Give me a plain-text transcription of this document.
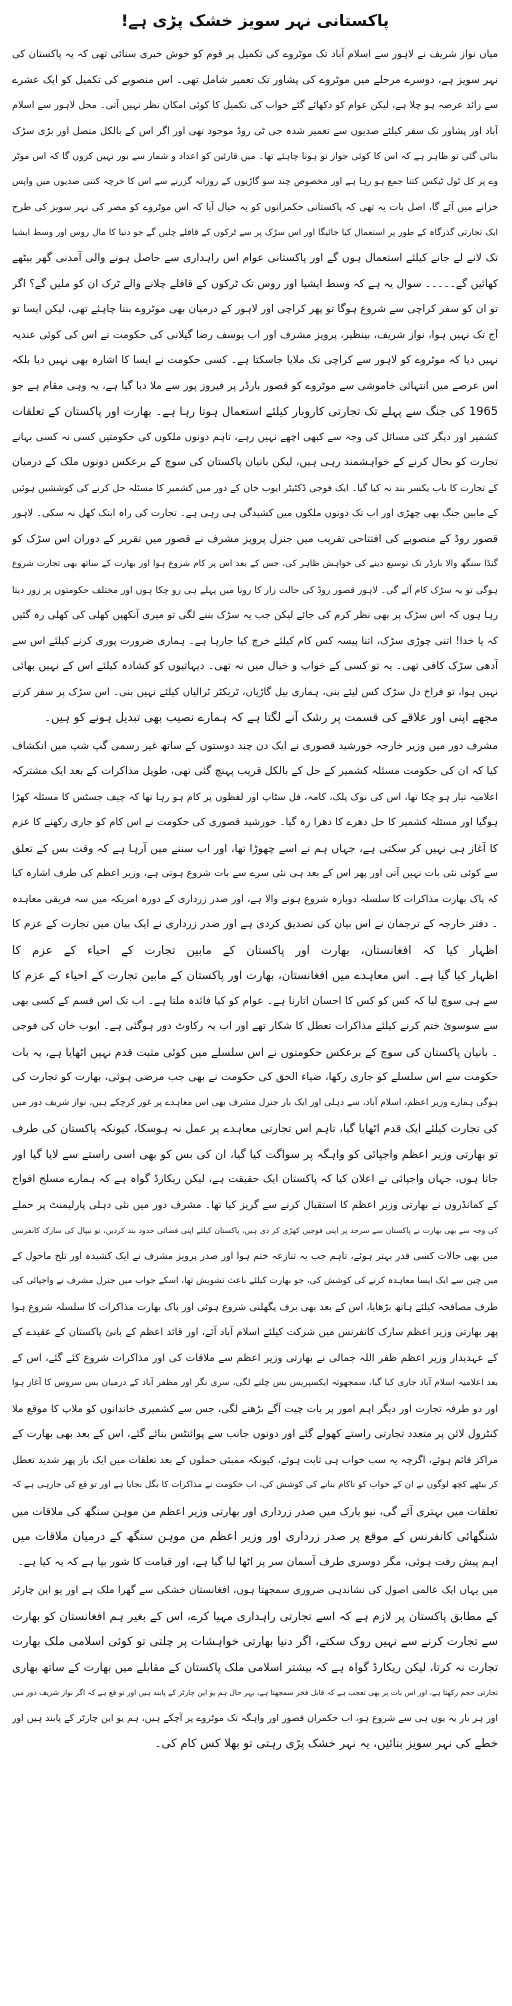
پاکستانی نہر سویز خشک پڑی ہے!
میاں نواز شریف نے لاہور سے اسلام آباد تک موٹروے کی تکمیل پر قوم کو خوش خبری سنائی تھی کہ یہ پاکستان کی
نہر سویز ہے، دوسرے مرحلے میں موٹروے کی پشاور تک تعمیر شامل تھی۔ اس منصوبے کی تکمیل کو ایک عشرے
سے زائد عرصہ ہو چلا ہے، لیکن عوام کو دکھائے گئے خواب کی تکمیل کا کوئی امکان نظر نہیں آتی۔ محل لاہور سے اسلام
آباد اور پشاور تک سفر کیلئے صدیوں سے تعمیر شدہ جی ٹی روڈ موجود تھی اور اگر اس کے بالکل متصل اور بڑی سڑک
بنائی گئی تو ظاہر ہے کہ اس کا کوئی جواز تو ہونا چاہئے تھا۔ میں قارئین کو اعداد و شمار سے بور نہیں کروں گا کہ اس موٹر
وے پر کل ٹول ٹیکس کتنا جمع ہو رہا ہے اور مخصوص چند سو گاڑیوں کے روزانہ گزرنے سے اس کا خرچہ کتنی صدیوں میں واپس
خزانے میں آئے گا، اصل بات یہ تھی کہ پاکستانی حکمرانوں کو یہ خیال آیا کہ اس موٹروے کو مصر کی نہر سویز کی طرح
ایک تجارتی گذرگاہ کے طور پر استعمال کیا جائیگا اور اس سڑک پر سے ٹرکوں کے قافلے چلیں گے جو دنیا کا مال روس اور وسط ایشیا
تک لانے لے جانے کیلئے استعمال ہوں گے اور پاکستانی عوام اس راہداری سے حاصل ہونے والی آمدنی گھر بیٹھے
کھائیں گے۔۔۔۔۔ سوال یہ ہے کہ وسط ایشیا اور روس تک ٹرکوں کے قافلے چلانے والے ٹرک ان کو ملیں گے؟ اگر
تو ان کو سفر کراچی سے شروع ہوگا تو پھر کراچی اور لاہور کے درمیان بھی موٹروے بننا چاہئے تھی، لیکن ایسا تو
آج تک نہیں ہوا، نواز شریف، بینظیر، پرویز مشرف اور اب یوسف رضا گیلانی کی حکومت نے اس کی کوئی عندیہ
نہیں دیا کہ موٹروے کو لاہور سے کراچی تک ملایا جاسکتا ہے۔ کسی حکومت نے ایسا کا اشارہ بھی نہیں دیا بلکہ
اس عرصے میں انتہائی خاموشی سے موٹروے کو قصور بارڈر پر فیروز پور سے ملا دیا گیا ہے، یہ وہی مقام ہے جو
1965 کی جنگ سے پہلے تک تجارتی کاروبار کیلئے استعمال ہوتا رہا ہے۔ بھارت اور پاکستان کے تعلقات
کشمیر اور دیگر کئی مسائل کی وجہ سے کبھی اچھے نہیں رہے، تاہم دونوں ملکوں کی حکومتیں کسی نہ کسی بہانے
تجارت کو بحال کرنے کے خواہشمند رہی ہیں، لیکن بانیان پاکستان کی سوچ کے برعکس دونوں ملک کے درمیان
کے تجارت کا باب یکسر بند نہ کیا گیا۔ ایک فوجی ڈکٹیٹر ایوب خان کے دور میں کشمیر کا مسئلہ حل کرنے کی کوششیں ہوئیں
کے مابین جنگ بھی چھڑی اور اب تک دونوں ملکوں میں کشیدگی ہی رہی ہے۔ تجارت کی راہ ابتک کھل نہ سکی۔ لاہور
قصور روڈ کے منصوبے کی افتتاحی تقریب میں جنرل پرویز مشرف نے قصور میں تقریر کے دوران اس سڑک کو
گنڈا سنگھ والا بارڈر تک توسیع دینے کی خواہش ظاہر کی، جس کے بعد اس پر کام شروع ہوا اور بھارت کے ساتھ بھی تجارت شروع
ہوگی تو یہ سڑک کام آئے گی۔ لاہور قصور روڈ کی حالت زار کا رونا میں پہلے ہی رو چکا ہوں اور مختلف حکومتوں پر زور دیتا
رہا ہوں کہ اس سڑک پر بھی نظر کرم کی جائے لیکن جب یہ سڑک بننے لگی تو میری آنکھیں کھلی کی کھلی رہ گئیں
کہ یا خدا! اتنی چوڑی سڑک، اتنا پیسہ کس کام کیلئے خرچ کیا جارہا ہے۔ ہماری ضرورت پوری کرنے کیلئے اس سے
آدھی سڑک کافی تھی۔ یہ تو کسی کے خواب و خیال میں نہ تھی۔ دیہاتیوں کو کشادہ کیلئے اس کے نہیں بھائی
نہیں ہوا، تو فراخ دل سڑک کس لیئے بنی، ہماری بیل گاڑیاں، ٹریکٹر ٹرالیاں کیلئے نہیں بنی۔ اس سڑک پر سفر کرتے
مجھے اپنی اور علاقے کی قسمت پر رشک آنے لگتا ہے کہ ہمارے نصیب بھی تبدیل ہونے کو ہیں۔
مشرف دور میں وزیر خارجہ خورشید قصوری نے ایک دن چند دوستوں کے ساتھ غیر رسمی گپ شپ میں انکشاف
کیا کہ ان کی حکومت مسئلہ کشمیر کے حل کے بالکل قریب پہنچ گئی تھی، طویل مذاکرات کے بعد ایک مشترکہ
اعلامیہ تیار ہو چکا تھا، اس کی نوک پلک، کامہ، فل سٹاپ اور لفظوں پر کام ہو رہا تھا کہ چیف جسٹس کا مسئلہ کھڑا
ہوگیا اور مسئلہ کشمیر کا حل دھرے کا دھرا رہ گیا۔ خورشید قصوری کی حکومت نے اس کام کو جاری رکھنے کا عزم
کا آغاز ہی نہیں کر سکتی ہے، جہاں ہم نے اسے چھوڑا تھا، اور اب سننے میں آرہا ہے کہ وقت بس کے تعلق
سے کوئی نئی بات نہیں آتی اور پھر اس کے بعد ہی نئی سرے سے بات شروع ہوتی ہے، وزیر اعظم کی طرف اشارہ کیا
کہ پاک بھارت مذاکرات کا سلسلہ دوبارہ شروع ہونے والا ہے، اور صدر زرداری کے دورہ امریکہ میں سہ فریقی معاہدہ
۔ دفتر خارجہ کے ترجمان نے اس بیان کی تصدیق کردی ہے اور صدر زرداری نے ایک بیان میں تجارت کے عزم کا
اظہار کیا کہ افغانستان، بھارت اور پاکستان کے مابین تجارت کے احیاء کے عزم کا
اظہار کیا گیا ہے۔ اس معاہدے میں افغانستان، بھارت اور پاکستان کے مابین تجارت کے احیاء کے عزم کا
سے ہی سوچ لیا کہ کس کو کس کا احسان اتارنا ہے۔ عوام کو کیا فائدہ ملتا ہے۔ اب تک اس قسم کے کسی بھی
سے سوسوئ ختم کرنے کیلئے مذاکرات تعطل کا شکار تھے اور اب یہ رکاوٹ دور ہوگئی ہے۔ ایوب خان کی فوجی
۔ بانیان پاکستان کی سوچ کے برعکس حکومتوں نے اس سلسلے میں کوئی مثبت قدم نہیں اٹھایا ہے، یہ بات
حکومت سے اس سلسلے کو جاری رکھا، ضیاء الحق کی حکومت نے بھی جب مرضی ہوئی، بھارت کو تجارت کی
ہوگی ہمارے وزیر اعظم، اسلام آباد، سے دہلی اور ایک بار جنرل مشرف بھی اس معاہدے پر غور کرچکے ہیں، نواز شریف دور میں
کی تجارت کیلئے ایک قدم اٹھایا گیا، تاہم اس تجارتی معاہدے پر عمل نہ ہوسکا، کیونکہ پاکستان کی طرف
تو بھارتی وزیر اعظم واجپائی کو واہگہ پر سواگت کیا گیا، ان کی بس کو بھی اسی راستے سے لایا گیا اور
جاتا ہوں، جہاں واجپائی نے اعلان کیا کہ پاکستان ایک حقیقت ہے، لیکن ریکارڈ گواہ ہے کہ ہمارے مسلح افواج
کے کمانڈروں نے بھارتی وزیر اعظم کا استقبال کرنے سے گریز کیا تھا۔ مشرف دور میں نئی دہلی پارلیمنٹ پر حملے
کی وجہ سے بھی بھارت نے پاکستان سے سرحد پر اپنی فوجیں کھڑی کر دی ہیں، پاکستان کیلئے اپنی فضائی حدود بند کردیں، تو نیپال کی سارک کانفرنس
میں بھی حالات کسی قدر بہتر ہوئے، تاہم جب یہ تنازعہ ختم ہوا اور صدر پرویز مشرف نے ایک کشیدہ اور تلخ ماحول کے
میں چین سے ایک ایسا معاہدہ کرنے کی کوشش کی، جو بھارت کیلئے باعث تشویش تھا، اسکے جواب میں جنرل مشرف نے واجپائی کی
طرف مصافحہ کیلئے ہاتھ بڑھایا، اس کے بعد بھی برف پگھلنی شروع ہوئی اور پاک بھارت مذاکرات کا سلسلہ شروع ہوا
پھر بھارتی وزیر اعظم سارک کانفرنس میں شرکت کیلئے اسلام آباد آئے، اور قائد اعظم کے بانئ پاکستان کے عقیدے کے
کے عہدیدار وزیر اعظم ظفر اللہ جمالی نے بھارتی وزیر اعظم سے ملاقات کی اور مذاکرات شروع کئے گئے، اس کے
بعد اعلامیہ اسلام آباد جاری کیا گیا، سمجھوتہ ایکسپریس بس چلنے لگی، سری نگر اور مظفر آباد کے درمیان بس سروس کا آغاز ہوا
اور دو طرفہ تجارت اور دیگر اہم امور پر بات چیت آگے بڑھنے لگی، جس سے کشمیری خاندانوں کو ملاپ کا موقع ملا
کنٹرول لائن پر متعدد تجارتی راستے کھولے گئے اور دونوں جانب سے پوائنٹس بنائے گئے، اس کے بعد بھی بھارت کے
مراکز قائم ہوئے، اگرچہ یہ سب خواب ہی ثابت ہوئے، کیونکہ ممبئی حملوں کے بعد تعلقات میں ایک بار پھر شدید تعطل
کر بیٹھے کچھ لوگوں نے ان کے خواب کو ناکام بنانے کی کوشش کی، اب حکومت نے مذاکرات کا بگل بجایا ہے اور تو قع کی جارہی ہے کہ
تعلقات میں بہتری آئے گی، نیو یارک میں صدر زرداری اور بھارتی وزیر اعظم من موہن سنگھ کی ملاقات میں
شنگھائی کانفرنس کے موقع پر صدر زرداری اور وزیر اعظم من موہن سنگھ کے درمیان ملاقات میں
اہم پیش رفت ہوئی، مگر دوسری طرف آسمان سر پر اٹھا لیا گیا ہے، اور قیامت کا شور بپا ہے کہ یہ کیا ہے۔
میں یہاں ایک عالمی اصول کی نشاندہی ضروری سمجھتا ہوں، افغانستان خشکی سے گھرا ملک ہے اور یو این چارٹر
کے مطابق پاکستان پر لازم ہے کہ اسے تجارتی راہداری مہیا کرے، اس کے بغیر ہم افغانستان کو بھارت
سے تجارت کرنے سے نہیں روک سکتے، اگر دنیا بھارتی خواہشات پر چلتی تو کوئی اسلامی ملک بھارت
تجارت نہ کرتا، لیکن ریکارڈ گواہ ہے کہ بیشتر اسلامی ملک پاکستان کے مقابلے میں بھارت کے ساتھ بھاری
تجارتی حجم رکھتا ہے، اور اس بات پر بھی تعجب ہے کہ قابل فخر سمجھتا ہے، بہر حال ہم یو این چارٹر کے پابند ہیں اور تو قع ہے کہ اگر نواز شریف دور میں
اور ہر بار یہ یوں ہی سے شروع ہو، اب حکمران قصور اور واہگہ تک موٹروے پر آچکے ہیں، ہم یو این چارٹر کے پابند ہیں اور
خطے کی نہر سویز بنائیں، یہ نہر خشک پڑی رہتی تو بھلا کس کام کی۔
